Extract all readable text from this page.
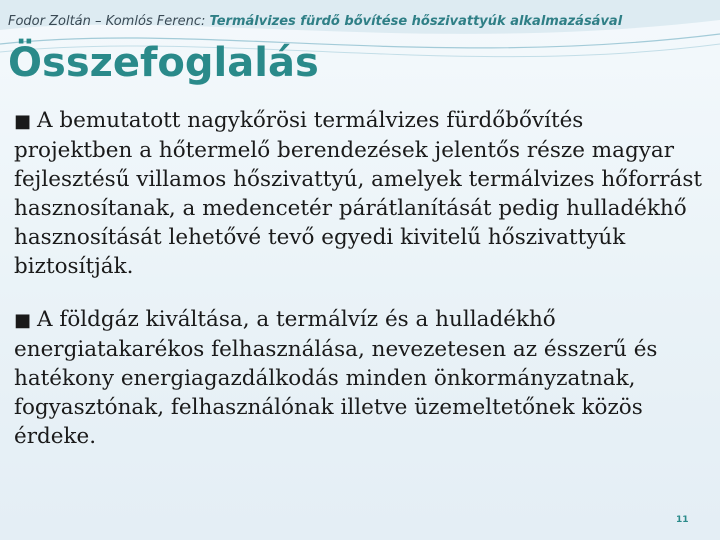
Fodor Zoltán – Komlós Ferenc: Termálvizes fürdő bővítése hőszivattyúk alkalmazásával
Összefoglalás

■ A bemutatott nagykőrösi termálvizes fürdőbővítés projektben a hőtermelő berendezések jelentős része magyar fejlesztésű villamos hőszivattyú, amelyek termálvizes hőforrást hasznosítanak, a medencetér párátlanítását pedig hulladékhő hasznosítását lehetővé tevő egyedi kivitelű hőszivattyúk biztosítják.

■ A földgáz kiváltása, a termálvíz és a hulladékhő energiatakarékos felhasználása, nevezetesen az ésszerű és hatékony energiagazdálkodás minden önkormányzatnak, fogyasztónak, felhasználónak illetve üzemeltetőnek közös érdeke.

11
